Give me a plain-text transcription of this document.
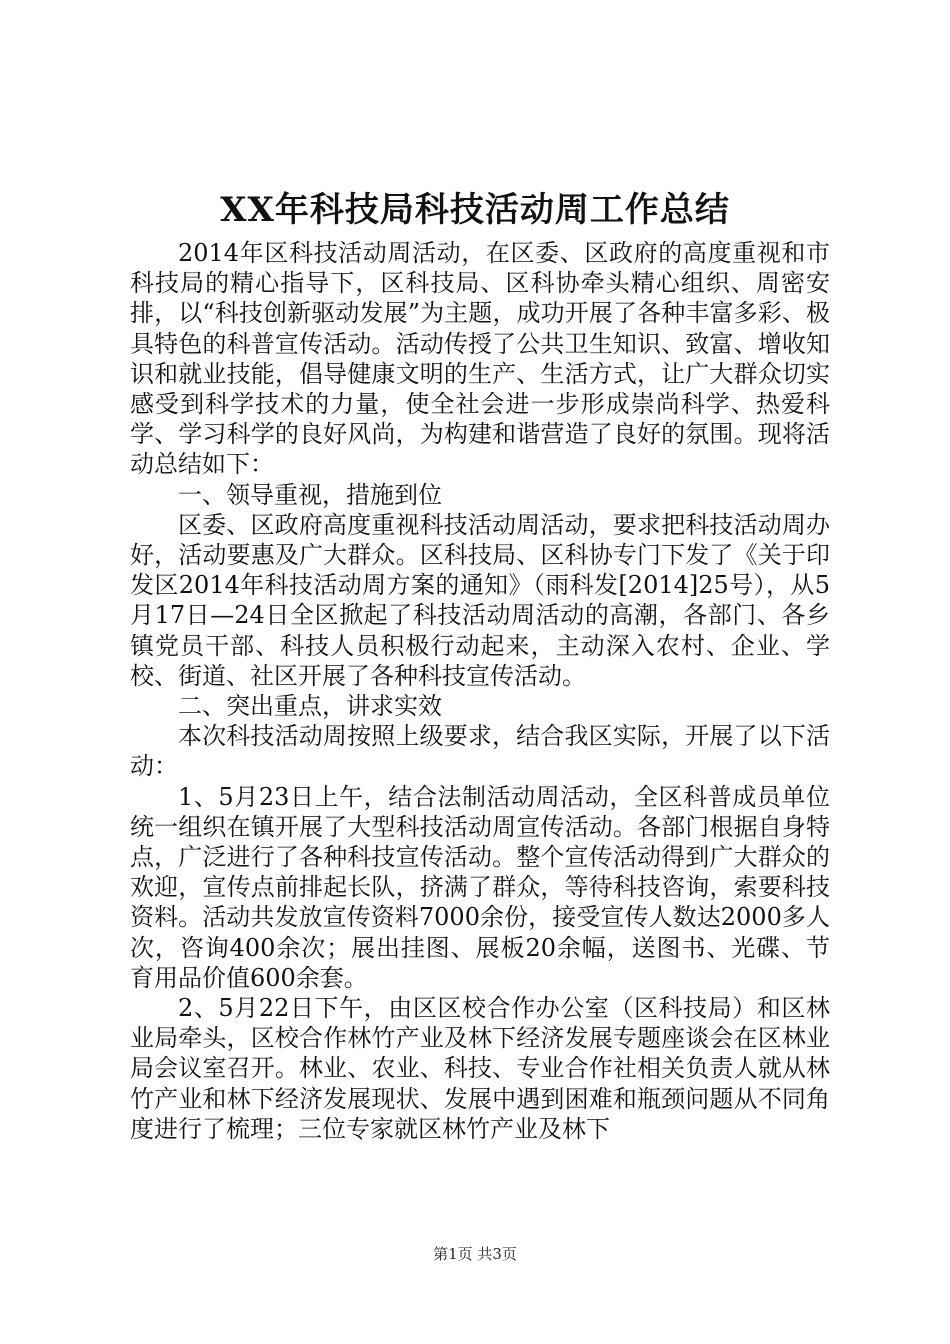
XX年科技局科技活动周工作总结

2014年区科技活动周活动，在区委、区政府的高度重视和市科技局的精心指导下，区科技局、区科协牵头精心组织、周密安排，以“科技创新驱动发展”为主题，成功开展了各种丰富多彩、极具特色的科普宣传活动。活动传授了公共卫生知识、致富、增收知识和就业技能，倡导健康文明的生产、生活方式，让广大群众切实感受到科学技术的力量，使全社会进一步形成崇尚科学、热爱科学、学习科学的良好风尚，为构建和谐营造了良好的氛围。现将活动总结如下：

一、领导重视，措施到位

区委、区政府高度重视科技活动周活动，要求把科技活动周办好，活动要惠及广大群众。区科技局、区科协专门下发了《关于印发区2014年科技活动周方案的通知》（雨科发[2014]25号），从5月17日—24日全区掀起了科技活动周活动的高潮，各部门、各乡镇党员干部、科技人员积极行动起来，主动深入农村、企业、学校、街道、社区开展了各种科技宣传活动。

二、突出重点，讲求实效

本次科技活动周按照上级要求，结合我区实际，开展了以下活动：

1、5月23日上午，结合法制活动周活动，全区科普成员单位统一组织在镇开展了大型科技活动周宣传活动。各部门根据自身特点，广泛进行了各种科技宣传活动。整个宣传活动得到广大群众的欢迎，宣传点前排起长队，挤满了群众，等待科技咨询，索要科技资料。活动共发放宣传资料7000余份，接受宣传人数达2000多人次，咨询400余次；展出挂图、展板20余幅，送图书、光碟、节育用品价值600余套。

2、5月22日下午，由区区校合作办公室（区科技局）和区林业局牵头，区校合作林竹产业及林下经济发展专题座谈会在区林业局会议室召开。林业、农业、科技、专业合作社相关负责人就从林竹产业和林下经济发展现状、发展中遇到困难和瓶颈问题从不同角度进行了梳理；三位专家就区林竹产业及林下

第1页 共3页
